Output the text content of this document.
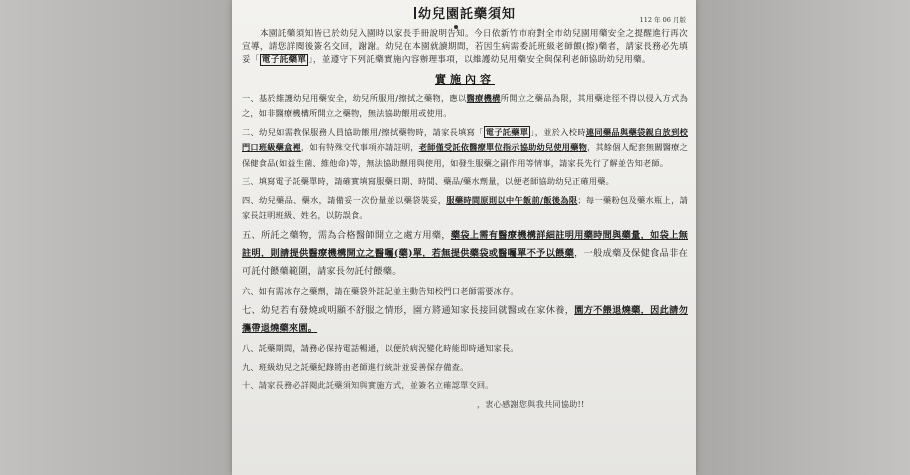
幼兒園託藥須知	112 年 06 月版
本園託藥須知皆已於幼兒入園時以家長手冊說明告知。今日依新竹市府對全市幼兒園用藥安全之提醒進行再次宣導，請您詳閱後簽名交回，謝謝。幼兒在本園就讀期間，若因生病需委託班級老師餵(擦)藥者，請家長務必先填妥「 電子託藥單 」，並遵守下列託藥實施內容辦理事項，以維護幼兒用藥安全與保利老師協助幼兒用藥。
實施內容
一、基於維護幼兒用藥安全，幼兒所服用/擦拭之藥物，應以醫療機構所開立之藥品為限，其用藥途徑不得以侵入方式為之，如非醫療機構所開立之藥物，無法協助餵用或使用。
二、幼兒如需教保服務人員協助餵用/擦拭藥物時，請家長填寫「 電子託藥單 」，並於入校時連同藥品與藥袋親自放到校門口班級藥盒裡，如有特殊交代事項亦請註明，老師僅受託依醫療單位指示協助幼兒使用藥物，其餘個人配套無關醫療之保健食品(如益生菌、維他命)等，無法協助餵用與使用，如發生服藥之副作用等情事，請家長先行了解並告知老師。
三、填寫電子託藥單時，請確實填寫服藥日期、時間、藥品/藥水劑量，以便老師協助幼兒正確用藥。
四、幼兒藥品、藥水，請備妥一次份量並以藥袋裝妥，服藥時間原則以中午飯前/飯後為限；每一藥粉包及藥水瓶上，請家長註明班級、姓名，以防誤食。
五、所託之藥物，需為合格醫師開立之處方用藥，藥袋上需有醫療機構詳細註明用藥時間與藥量，如袋上無註明，則請提供醫療機構開立之醫囑(藥)單，若無提供藥袋或醫囑單不予以餵藥，一般成藥及保健食品非在可託付餵藥範圍，請家長勿託付餵藥。
六、如有需冰存之藥劑，請在藥袋外註記並主動告知校門口老師需要冰存。
七、幼兒若有發燒或明顯不舒服之情形，園方將通知家長接回就醫或在家休養，園方不餵退燒藥，因此請勿攜帶退燒藥來園。
八、託藥期間，請務必保持電話暢通，以便於病況變化時能即時通知家長。
九、班級幼兒之託藥紀錄將由老師進行統計並妥善保存備查。
十、請家長務必詳閱此託藥須知與實施方式，並簽名立確認單交回。
　　　　　　　　　　　　　　　　　　　　　　　　　　　　，衷心感謝您與我共同協助!!
